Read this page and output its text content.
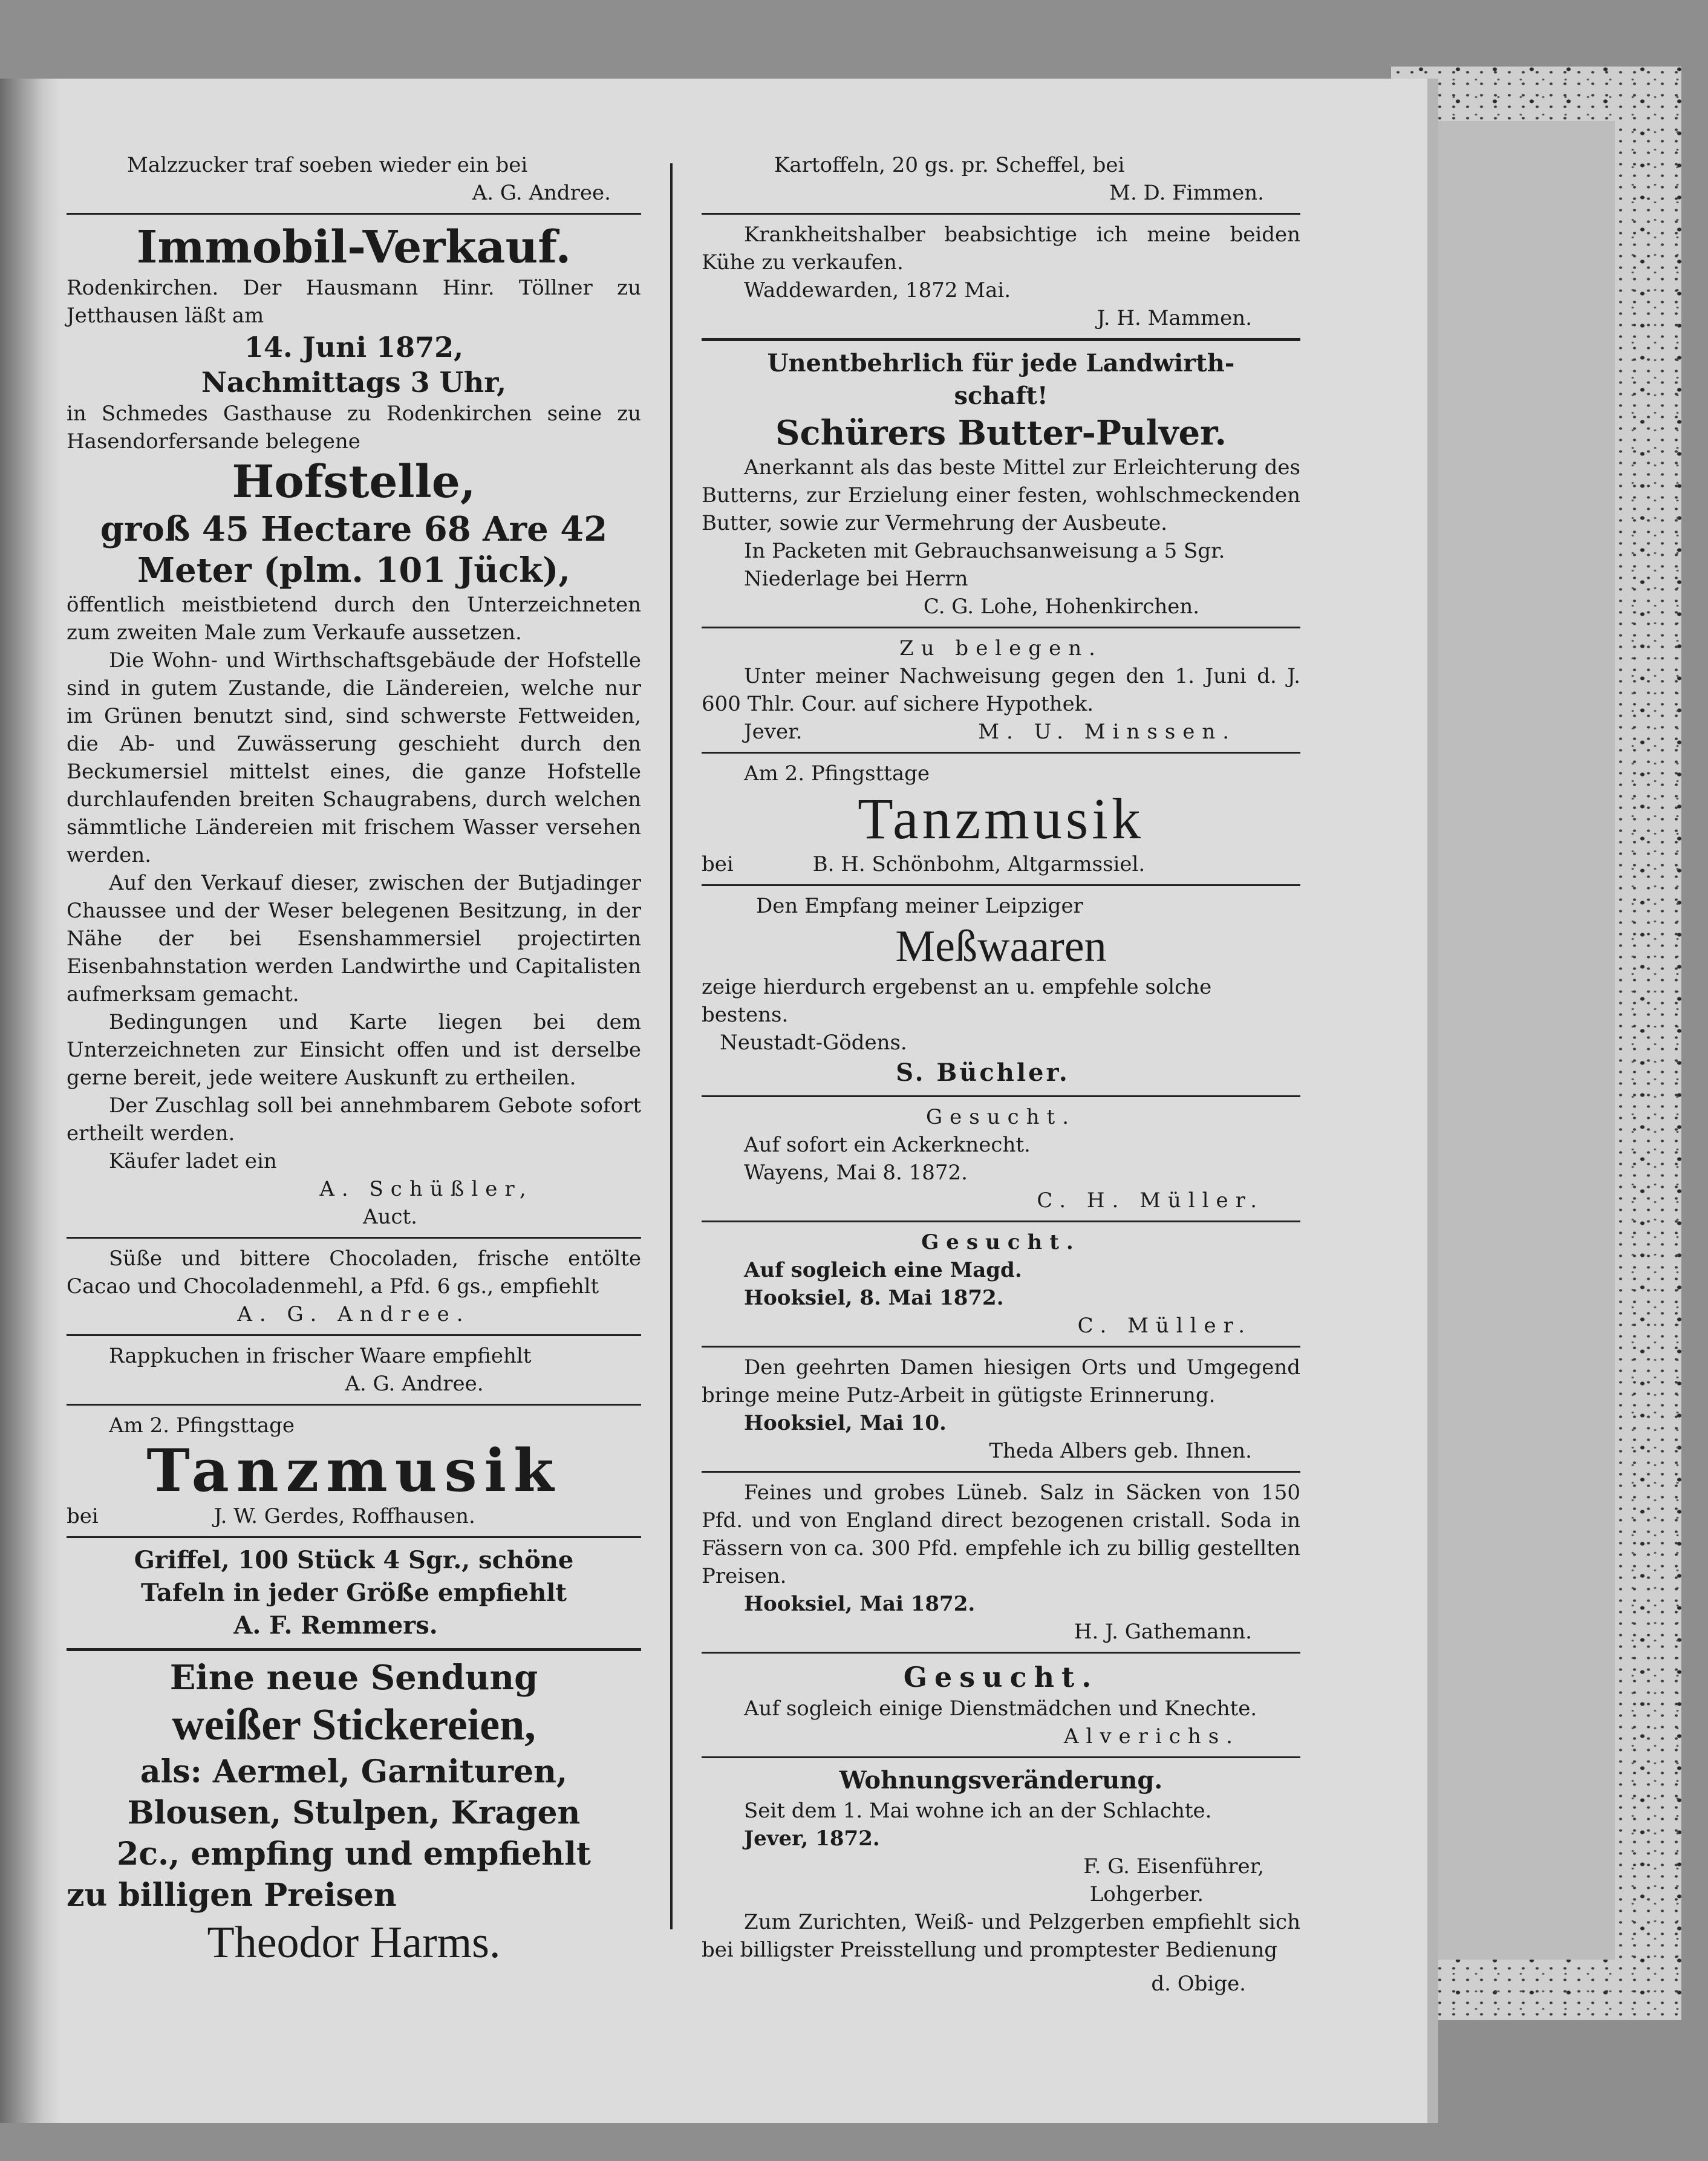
Malzzucker traf soeben wieder ein bei

A. G. Andree.

Immobil-Verkauf.

Rodenkirchen. Der Hausmann Hinr. Töllner zu Jetthausen läßt am

14. Juni 1872,

Nachmittags 3 Uhr,

in Schmedes Gasthause zu Rodenkirchen seine zu Hasendorfersande belegene

Hofstelle,

groß 45 Hectare 68 Are 42

Meter (plm. 101 Jück),

öffentlich meistbietend durch den Unterzeichneten zum zweiten Male zum Verkaufe aussetzen.

Die Wohn- und Wirthschaftsgebäude der Hofstelle sind in gutem Zustande, die Ländereien, welche nur im Grünen benutzt sind, sind schwerste Fettweiden, die Ab- und Zuwässerung geschieht durch den Beckumersiel mittelst eines, die ganze Hofstelle durchlaufenden breiten Schaugrabens, durch welchen sämmtliche Ländereien mit frischem Wasser versehen werden.

Auf den Verkauf dieser, zwischen der Butjadinger Chaussee und der Weser belegenen Besitzung, in der Nähe der bei Esenshammersiel projectirten Eisenbahnstation werden Landwirthe und Capitalisten aufmerksam gemacht.

Bedingungen und Karte liegen bei dem Unterzeichneten zur Einsicht offen und ist derselbe gerne bereit, jede weitere Auskunft zu ertheilen.

Der Zuschlag soll bei annehmbarem Gebote sofort ertheilt werden.

Käufer ladet ein

A. Schüßler,

Auct.

Süße und bittere Chocoladen, frische entölte Cacao und Chocoladenmehl, a Pfd. 6 gs., empfiehlt

A. G. Andree.

Rappkuchen in frischer Waare empfiehlt

A. G. Andree.

Am 2. Pfingsttage

Tanzmusik

bei	J. W. Gerdes, Roffhausen.

Griffel, 100 Stück 4 Sgr., schöne

Tafeln in jeder Größe empfiehlt

A. F. Remmers.

Eine neue Sendung

weißer Stickereien,

als: Aermel, Garnituren,

Blousen, Stulpen, Kragen

2c., empfing und empfiehlt

zu billigen Preisen

Theodor Harms.

Kartoffeln, 20 gs. pr. Scheffel, bei

M. D. Fimmen.

Krankheitshalber beabsichtige ich meine beiden Kühe zu verkaufen.

Waddewarden, 1872 Mai.

J. H. Mammen.

Unentbehrlich für jede Landwirth-

schaft!

Schürers Butter-Pulver.

Anerkannt als das beste Mittel zur Erleichterung des Butterns, zur Erzielung einer festen, wohlschmeckenden Butter, sowie zur Vermehrung der Ausbeute.

In Packeten mit Gebrauchsanweisung a 5 Sgr.

Niederlage bei Herrn

C. G. Lohe, Hohenkirchen.

Zu belegen.

Unter meiner Nachweisung gegen den 1. Juni d. J. 600 Thlr. Cour. auf sichere Hypothek.

Jever.	M. U. Minssen.

Am 2. Pfingsttage

Tanzmusik

bei	B. H. Schönbohm, Altgarmssiel.

Den Empfang meiner Leipziger

Meßwaaren

zeige hierdurch ergebenst an u. empfehle solche bestens.

Neustadt-Gödens.

S. Büchler.

Gesucht.

Auf sofort ein Ackerknecht.

Wayens, Mai 8. 1872.

C. H. Müller.

Gesucht.

Auf sogleich eine Magd.

Hooksiel, 8. Mai 1872.

C. Müller.

Den geehrten Damen hiesigen Orts und Umgegend bringe meine Putz-Arbeit in gütigste Erinnerung.

Hooksiel, Mai 10.

Theda Albers geb. Ihnen.

Feines und grobes Lüneb. Salz in Säcken von 150 Pfd. und von England direct bezogenen cristall. Soda in Fässern von ca. 300 Pfd. empfehle ich zu billig gestellten Preisen.

Hooksiel, Mai 1872.

H. J. Gathemann.

Gesucht.

Auf sogleich einige Dienstmädchen und Knechte.

Alverichs.

Wohnungsveränderung.

Seit dem 1. Mai wohne ich an der Schlachte.

Jever, 1872.

F. G. Eisenführer,

Lohgerber.

Zum Zurichten, Weiß- und Pelzgerben empfiehlt sich bei billigster Preisstellung und promptester Bedienung

d. Obige.
